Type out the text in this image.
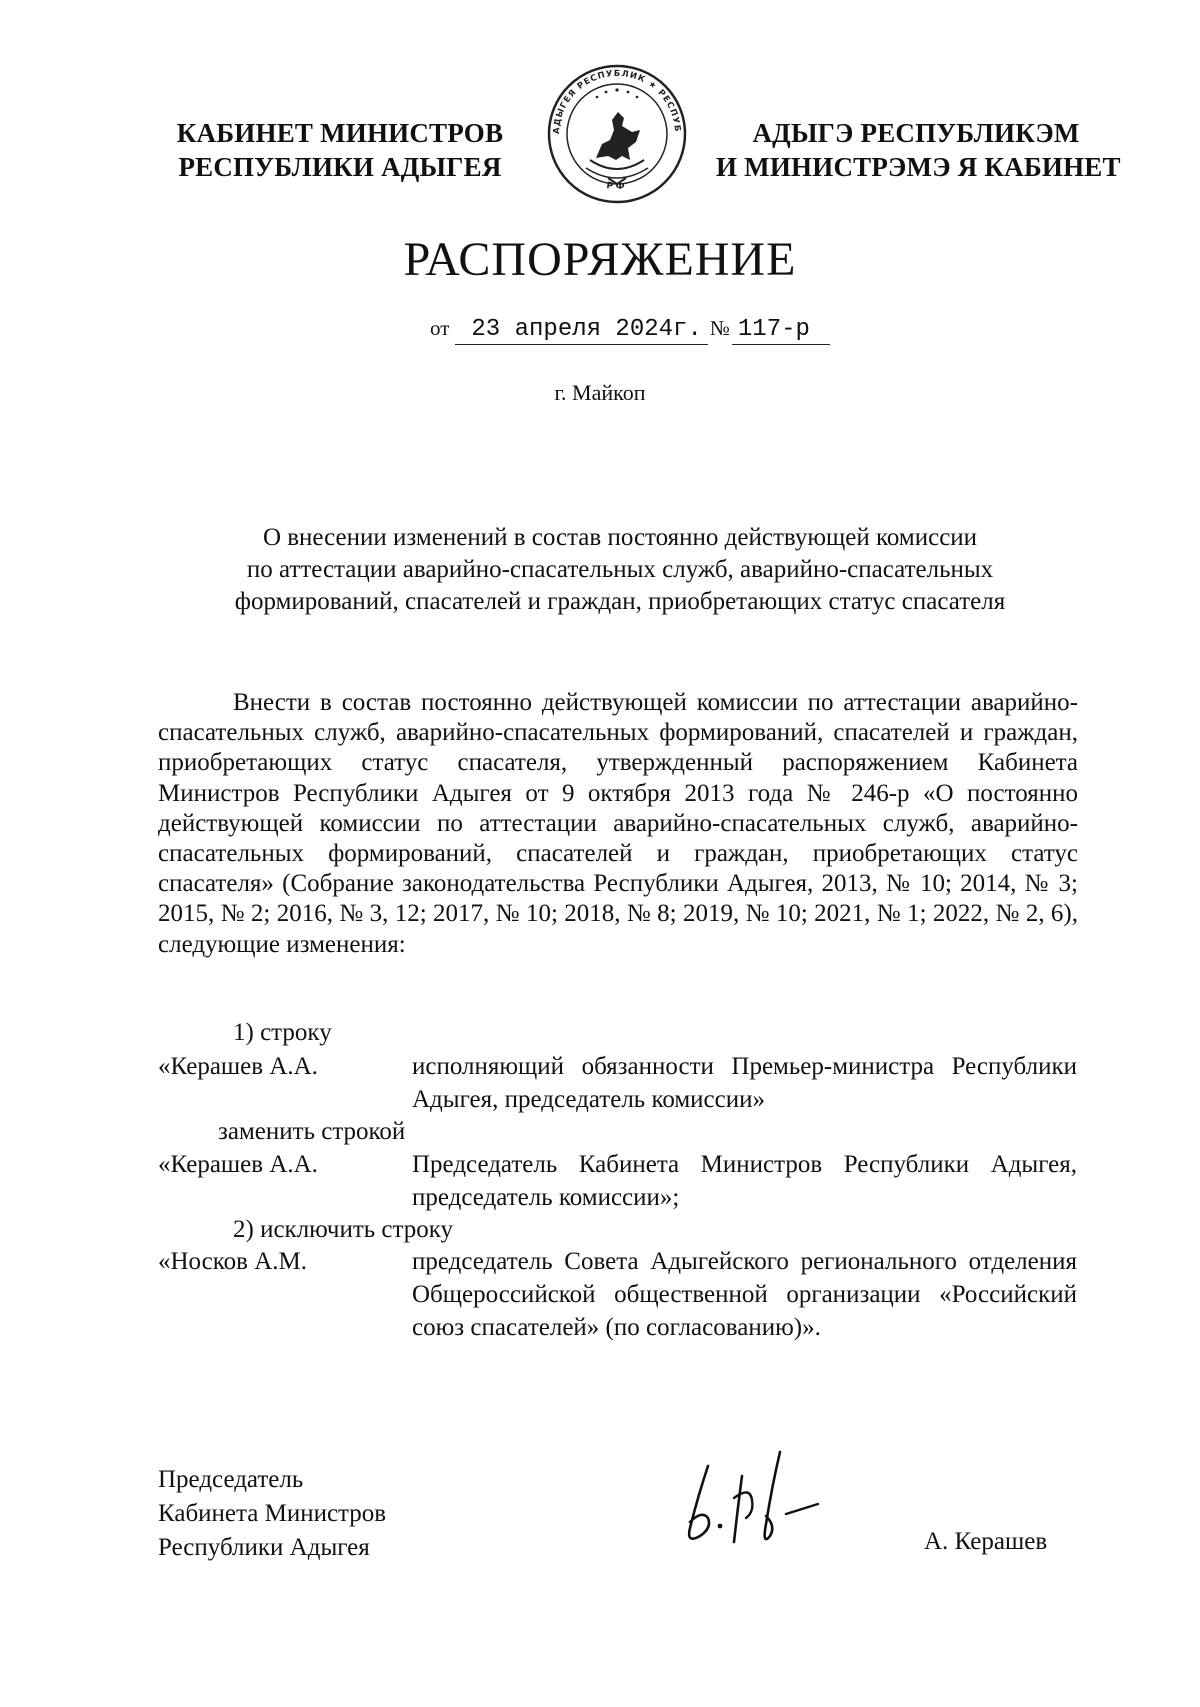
КАБИНЕТ МИНИСТРОВ
РЕСПУБЛИКИ АДЫГЕЯ
АДЫГЕЯ РЕСПУБЛИК ★ РЕСПУБ
Р Ф
АДЫГЭ РЕСПУБЛИКЭМ
И МИНИСТРЭМЭ Я КАБИНЕТ
РАСПОРЯЖЕНИЕ
от 23 апреля 2024г. № 117-р
г. Майкоп
О внесении изменений в состав постоянно действующей комиссии
по аттестации аварийно-спасательных служб, аварийно-спасательных
формирований, спасателей и граждан, приобретающих статус спасателя
Внести в состав постоянно действующей комиссии по аттестации аварийно-спасательных служб, аварийно-спасательных формирований, спасателей и граждан, приобретающих статус спасателя, утвержденный распоряжением Кабинета Министров Республики Адыгея от 9 октября 2013 года № 246-р «О постоянно действующей комиссии по аттестации аварийно-спасательных служб, аварийно-спасательных формирований, спасателей и граждан, приобретающих статус спасателя» (Собрание законодательства Республики Адыгея, 2013, № 10; 2014, № 3; 2015, № 2; 2016, № 3, 12; 2017, № 10; 2018, № 8; 2019, № 10; 2021, № 1; 2022, № 2, 6), следующие изменения:
1) строку
«Керашев А.А.	исполняющий обязанности Премьер-министра Республики Адыгея, председатель комиссии»
заменить строкой
«Керашев А.А.	Председатель Кабинета Министров Республики Адыгея, председатель комиссии»;
2) исключить строку
«Носков А.М.	председатель Совета Адыгейского регионального отделения Общероссийской общественной организации «Российский союз спасателей» (по согласованию)».
Председатель
Кабинета Министров
Республики Адыгея	А. Керашев
